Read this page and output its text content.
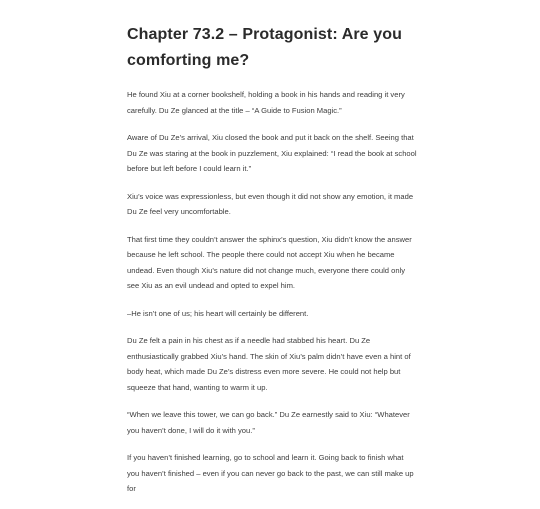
Chapter 73.2 – Protagonist: Are you comforting me?

He found Xiu at a corner bookshelf, holding a book in his hands and reading it very carefully. Du Ze glanced at the title – “A Guide to Fusion Magic.”

Aware of Du Ze’s arrival, Xiu closed the book and put it back on the shelf. Seeing that Du Ze was staring at the book in puzzlement, Xiu explained: “I read the book at school before but left before I could learn it.”

Xiu’s voice was expressionless, but even though it did not show any emotion, it made Du Ze feel very uncomfortable.

That first time they couldn’t answer the sphinx’s question, Xiu didn’t know the answer because he left school. The people there could not accept Xiu when he became undead. Even though Xiu’s nature did not change much, everyone there could only see Xiu as an evil undead and opted to expel him.

–He isn’t one of us; his heart will certainly be different.

Du Ze felt a pain in his chest as if a needle had stabbed his heart. Du Ze enthusiastically grabbed Xiu’s hand. The skin of Xiu’s palm didn’t have even a hint of body heat, which made Du Ze’s distress even more severe. He could not help but squeeze that hand, wanting to warm it up.

“When we leave this tower, we can go back.” Du Ze earnestly said to Xiu: “Whatever you haven’t done, I will do it with you.”

If you haven’t finished learning, go to school and learn it. Going back to finish what you haven’t finished – even if you can never go back to the past, we can still make up for
